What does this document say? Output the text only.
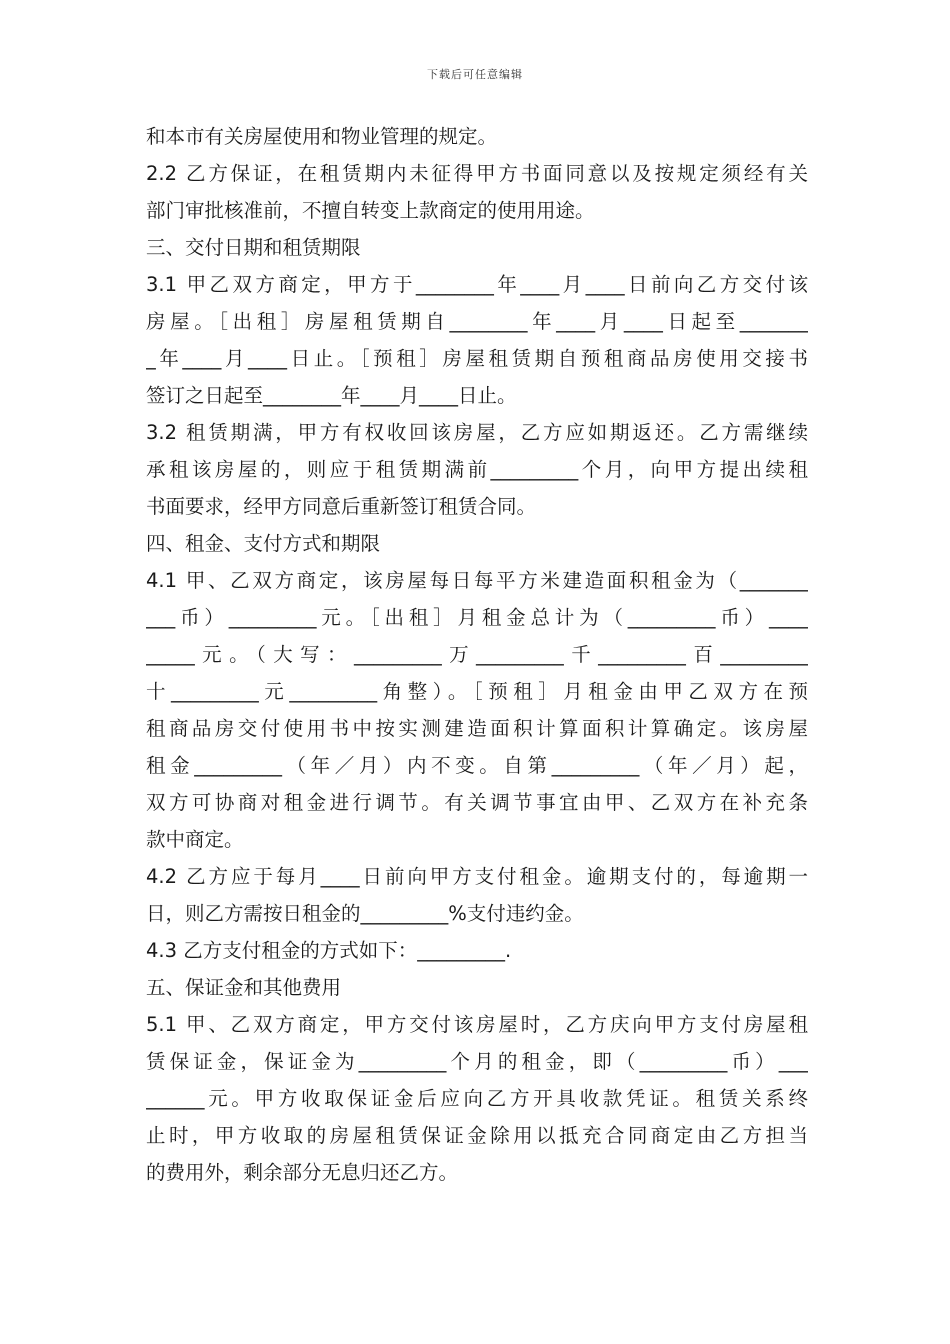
下载后可任意编辑
和本市有关房屋使用和物业管理的规定。
2.2 乙方保证，在租赁期内未征得甲方书面同意以及按规定须经有关
部门审批核准前，不擅自转变上款商定的使用用途。
三、交付日期和租赁期限
3.1 甲乙双方商定，甲方于________年____月____日前向乙方交付该
房屋。［出租］房屋租赁期自________年____月____日起至_______
_年____月____日止。［预租］房屋租赁期自预租商品房使用交接书
签订之日起至________年____月____日止。
3.2 租赁期满，甲方有权收回该房屋，乙方应如期返还。乙方需继续
承租该房屋的，则应于租赁期满前_________个月，向甲方提出续租
书面要求，经甲方同意后重新签订租赁合同。
四、租金、支付方式和期限
4.1 甲、乙双方商定，该房屋每日每平方米建造面积租金为（_______
___币）_________元。［出租］月租金总计为（_________币）____
_____元。（大写：_________万_________千_________百_________
十_________元_________角整）。［预租］月租金由甲乙双方在预
租商品房交付使用书中按实测建造面积计算面积计算确定。该房屋
租金_________（年／月）内不变。自第_________（年／月）起，
双方可协商对租金进行调节。有关调节事宜由甲、乙双方在补充条
款中商定。
4.2 乙方应于每月____日前向甲方支付租金。逾期支付的，每逾期一
日，则乙方需按日租金的_________%支付违约金。
4.3 乙方支付租金的方式如下：_________.
五、保证金和其他费用
5.1 甲、乙双方商定，甲方交付该房屋时，乙方庆向甲方支付房屋租
赁保证金，保证金为_________个月的租金，即（_________币）___
______元。甲方收取保证金后应向乙方开具收款凭证。租赁关系终
止时，甲方收取的房屋租赁保证金除用以抵充合同商定由乙方担当
的费用外，剩余部分无息归还乙方。
